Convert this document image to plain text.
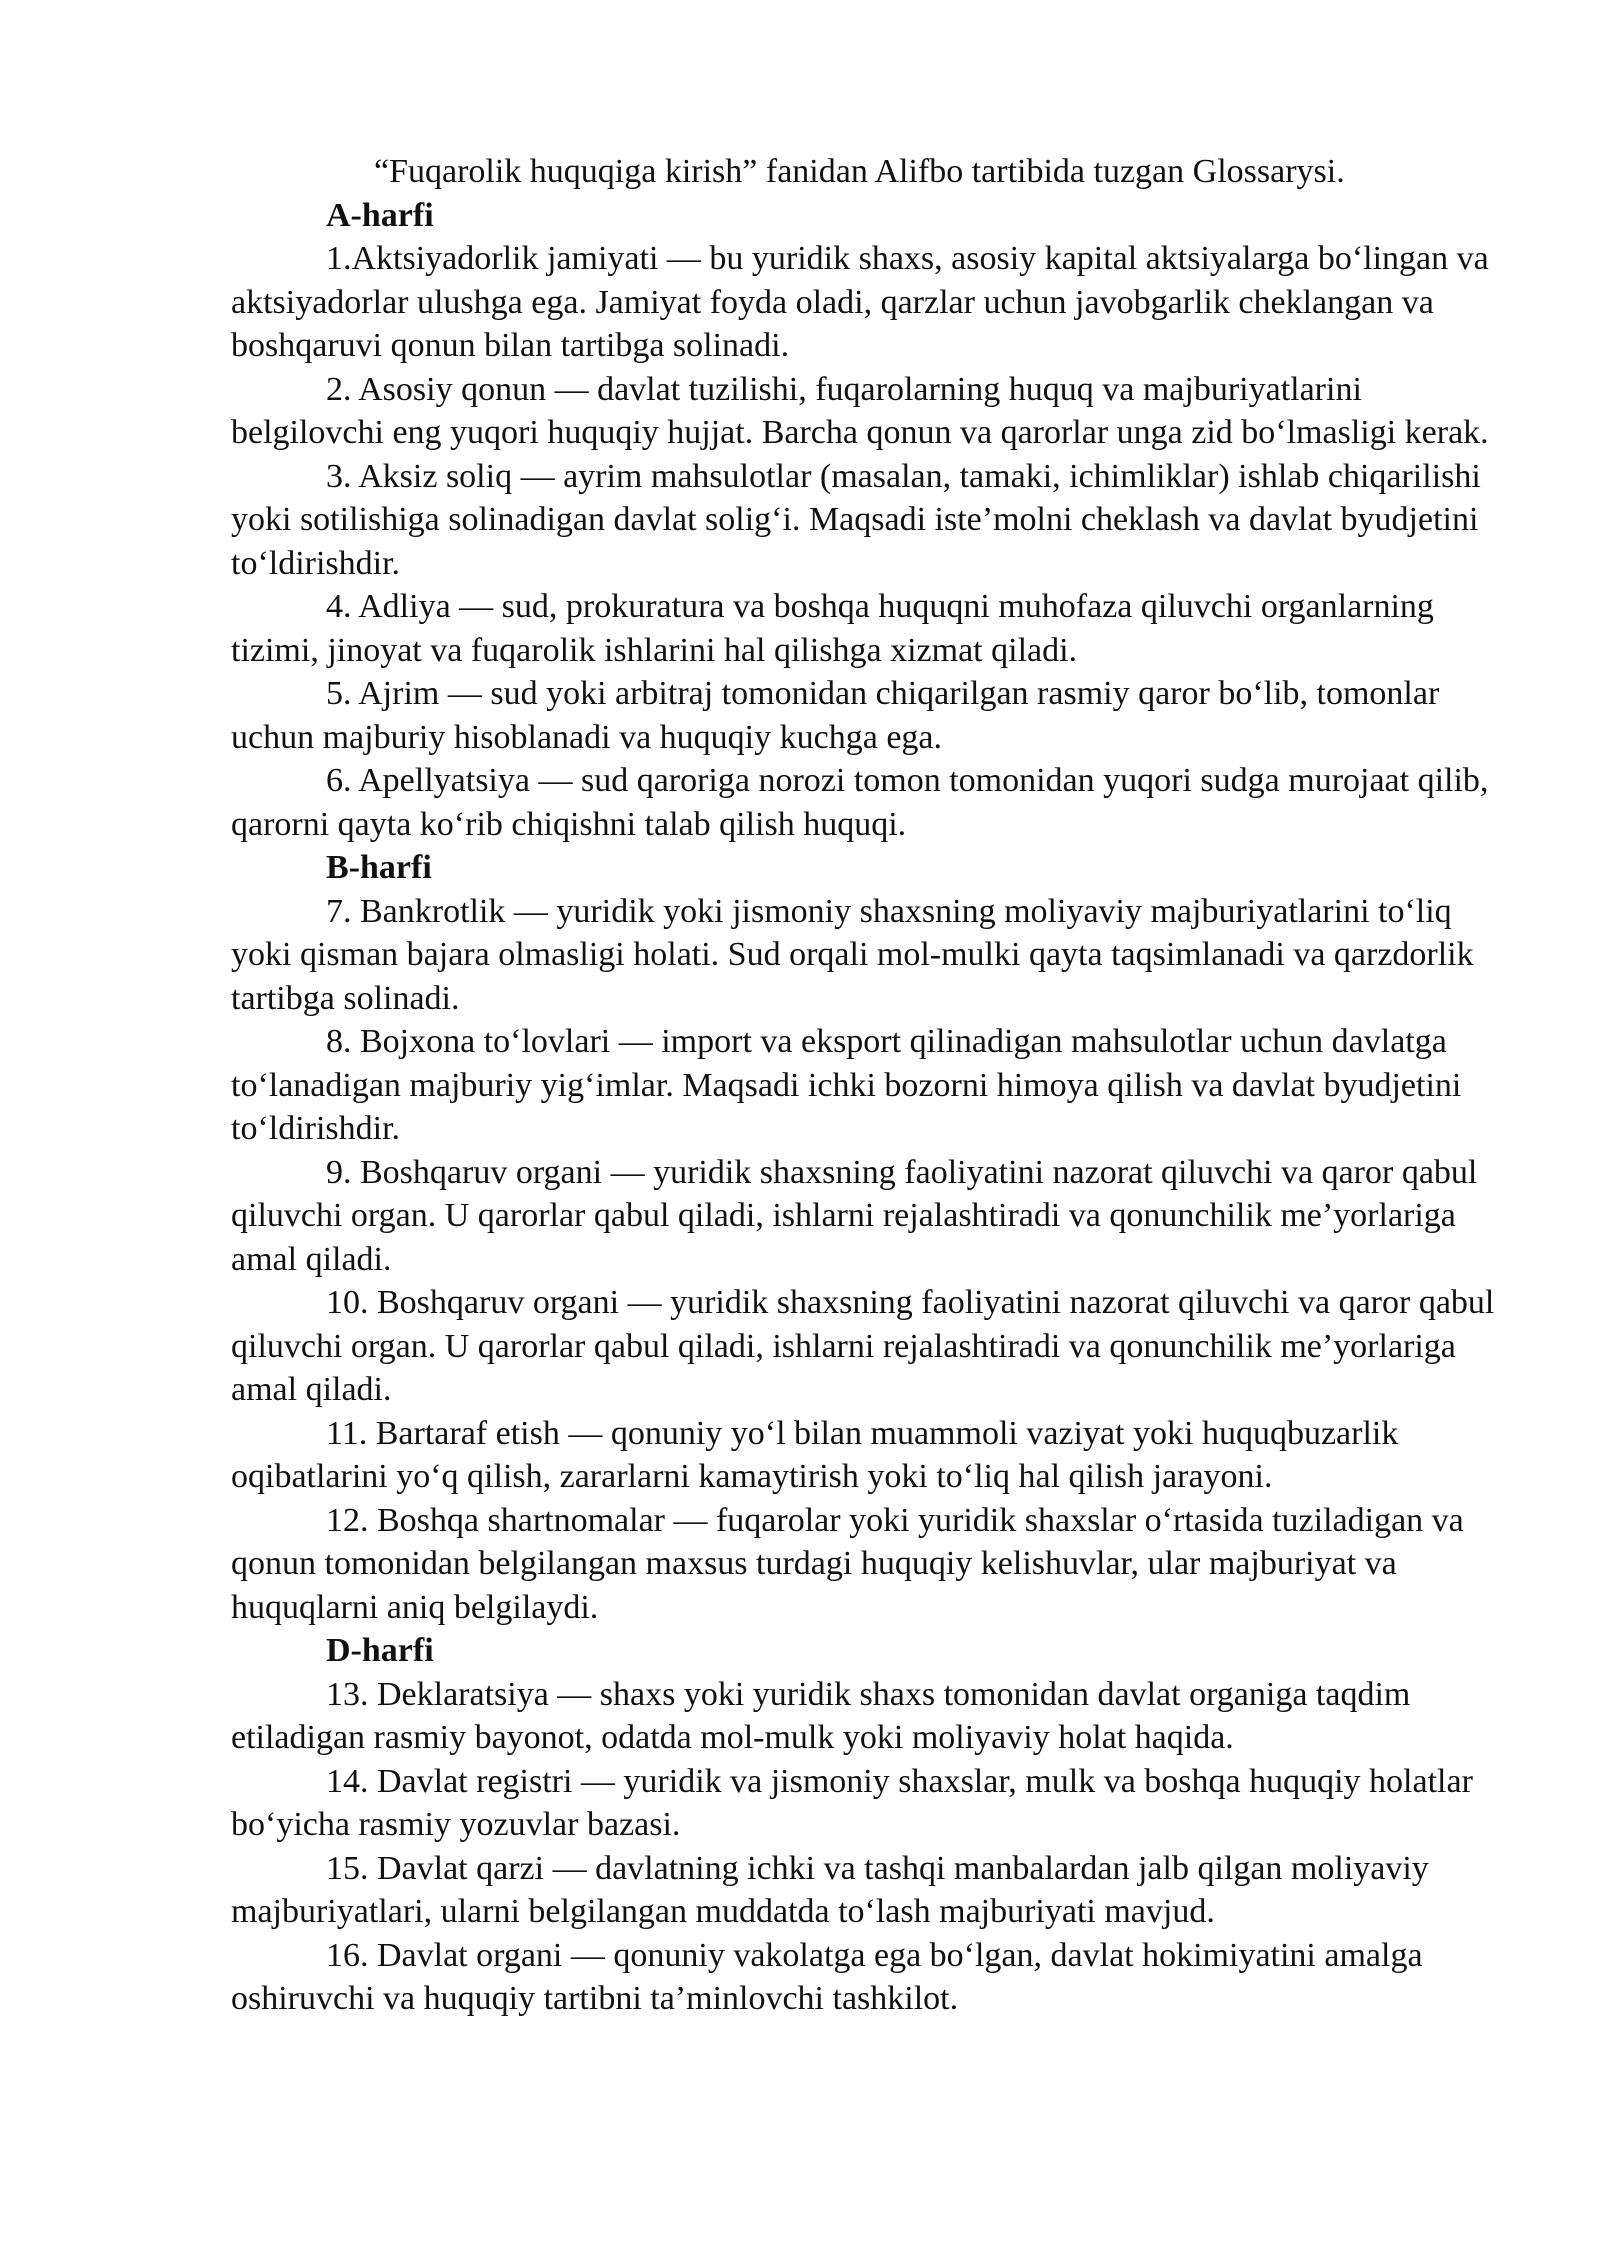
“Fuqarolik huquqiga kirish” fanidan Alifbo tartibida tuzgan Glossarysi.

A-harfi

1.Aktsiyadorlik jamiyati — bu yuridik shaxs, asosiy kapital aktsiyalarga bo‘lingan va aktsiyadorlar ulushga ega. Jamiyat foyda oladi, qarzlar uchun javobgarlik cheklangan va boshqaruvi qonun bilan tartibga solinadi.

2. Asosiy qonun — davlat tuzilishi, fuqarolarning huquq va majburiyatlarini belgilovchi eng yuqori huquqiy hujjat. Barcha qonun va qarorlar unga zid bo‘lmasligi kerak.

3. Aksiz soliq — ayrim mahsulotlar (masalan, tamaki, ichimliklar) ishlab chiqarilishi yoki sotilishiga solinadigan davlat solig‘i. Maqsadi iste’molni cheklash va davlat byudjetini to‘ldirishdir.

4. Adliya — sud, prokuratura va boshqa huquqni muhofaza qiluvchi organlarning tizimi, jinoyat va fuqarolik ishlarini hal qilishga xizmat qiladi.

5. Ajrim — sud yoki arbitraj tomonidan chiqarilgan rasmiy qaror bo‘lib, tomonlar uchun majburiy hisoblanadi va huquqiy kuchga ega.

6. Apellyatsiya — sud qaroriga norozi tomon tomonidan yuqori sudga murojaat qilib, qarorni qayta ko‘rib chiqishni talab qilish huquqi.

B-harfi

7. Bankrotlik — yuridik yoki jismoniy shaxsning moliyaviy majburiyatlarini to‘liq yoki qisman bajara olmasligi holati. Sud orqali mol-mulki qayta taqsimlanadi va qarzdorlik tartibga solinadi.

8. Bojxona to‘lovlari — import va eksport qilinadigan mahsulotlar uchun davlatga to‘lanadigan majburiy yig‘imlar. Maqsadi ichki bozorni himoya qilish va davlat byudjetini to‘ldirishdir.

9. Boshqaruv organi — yuridik shaxsning faoliyatini nazorat qiluvchi va qaror qabul qiluvchi organ. U qarorlar qabul qiladi, ishlarni rejalashtiradi va qonunchilik me’yorlariga amal qiladi.

10. Boshqaruv organi — yuridik shaxsning faoliyatini nazorat qiluvchi va qaror qabul qiluvchi organ. U qarorlar qabul qiladi, ishlarni rejalashtiradi va qonunchilik me’yorlariga amal qiladi.

11. Bartaraf etish — qonuniy yo‘l bilan muammoli vaziyat yoki huquqbuzarlik oqibatlarini yo‘q qilish, zararlarni kamaytirish yoki to‘liq hal qilish jarayoni.

12. Boshqa shartnomalar — fuqarolar yoki yuridik shaxslar o‘rtasida tuziladigan va qonun tomonidan belgilangan maxsus turdagi huquqiy kelishuvlar, ular majburiyat va huquqlarni aniq belgilaydi.

D-harfi

13. Deklaratsiya — shaxs yoki yuridik shaxs tomonidan davlat organiga taqdim etiladigan rasmiy bayonot, odatda mol-mulk yoki moliyaviy holat haqida.

14. Davlat registri — yuridik va jismoniy shaxslar, mulk va boshqa huquqiy holatlar bo‘yicha rasmiy yozuvlar bazasi.

15. Davlat qarzi — davlatning ichki va tashqi manbalardan jalb qilgan moliyaviy majburiyatlari, ularni belgilangan muddatda to‘lash majburiyati mavjud.

16. Davlat organi — qonuniy vakolatga ega bo‘lgan, davlat hokimiyatini amalga oshiruvchi va huquqiy tartibni ta’minlovchi tashkilot.
